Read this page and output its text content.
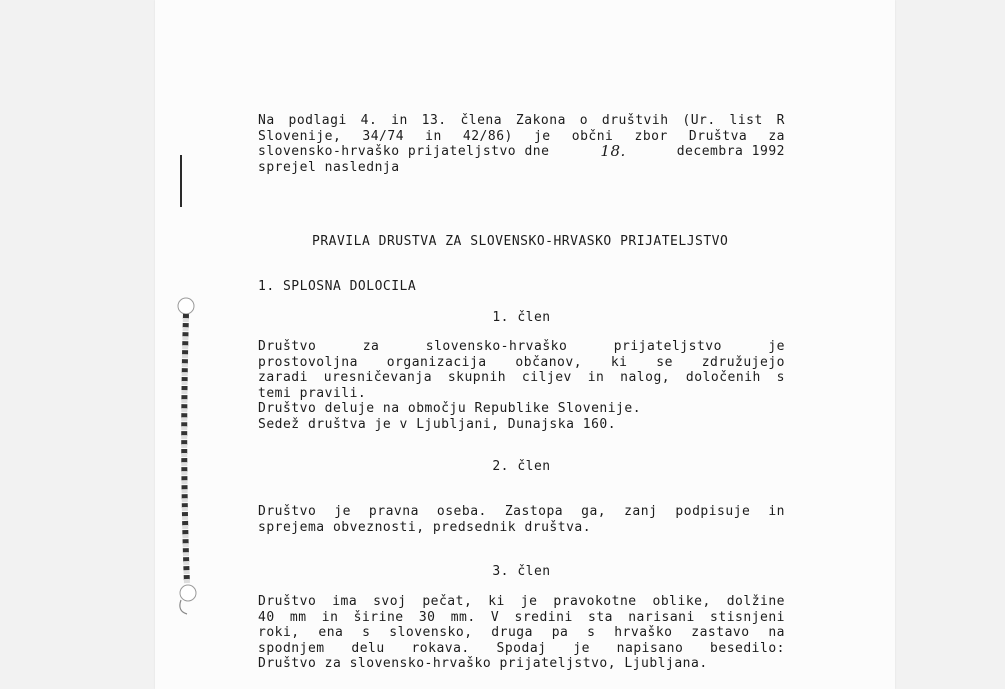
Na podlagi 4. in 13. člena Zakona o društvih (Ur. list R
Slovenije, 34/74 in 42/86) je občni zbor Društva za
slovensko-hrvaško prijateljstvo dne	18.	decembra 1992
sprejel naslednja
PRAVILA DRUSTVA ZA SLOVENSKO-HRVASKO PRIJATELJSTVO
1. SPLOSNA DOLOCILA
1. člen
Društvo za slovensko-hrvaško prijateljstvo je
prostovoljna organizacija občanov, ki se združujejo
zaradi uresničevanja skupnih ciljev in nalog, določenih s
temi pravili.
Društvo deluje na območju Republike Slovenije.
Sedež društva je v Ljubljani, Dunajska 160.
2. člen
Društvo je pravna oseba. Zastopa ga, zanj podpisuje in
sprejema obveznosti, predsednik društva.
3. člen
Društvo ima svoj pečat, ki je pravokotne oblike, dolžine
40 mm in širine 30 mm. V sredini sta narisani stisnjeni
roki, ena s slovensko, druga pa s hrvaško zastavo na
spodnjem delu rokava. Spodaj je napisano besedilo:
Društvo za slovensko-hrvaško prijateljstvo, Ljubljana.
